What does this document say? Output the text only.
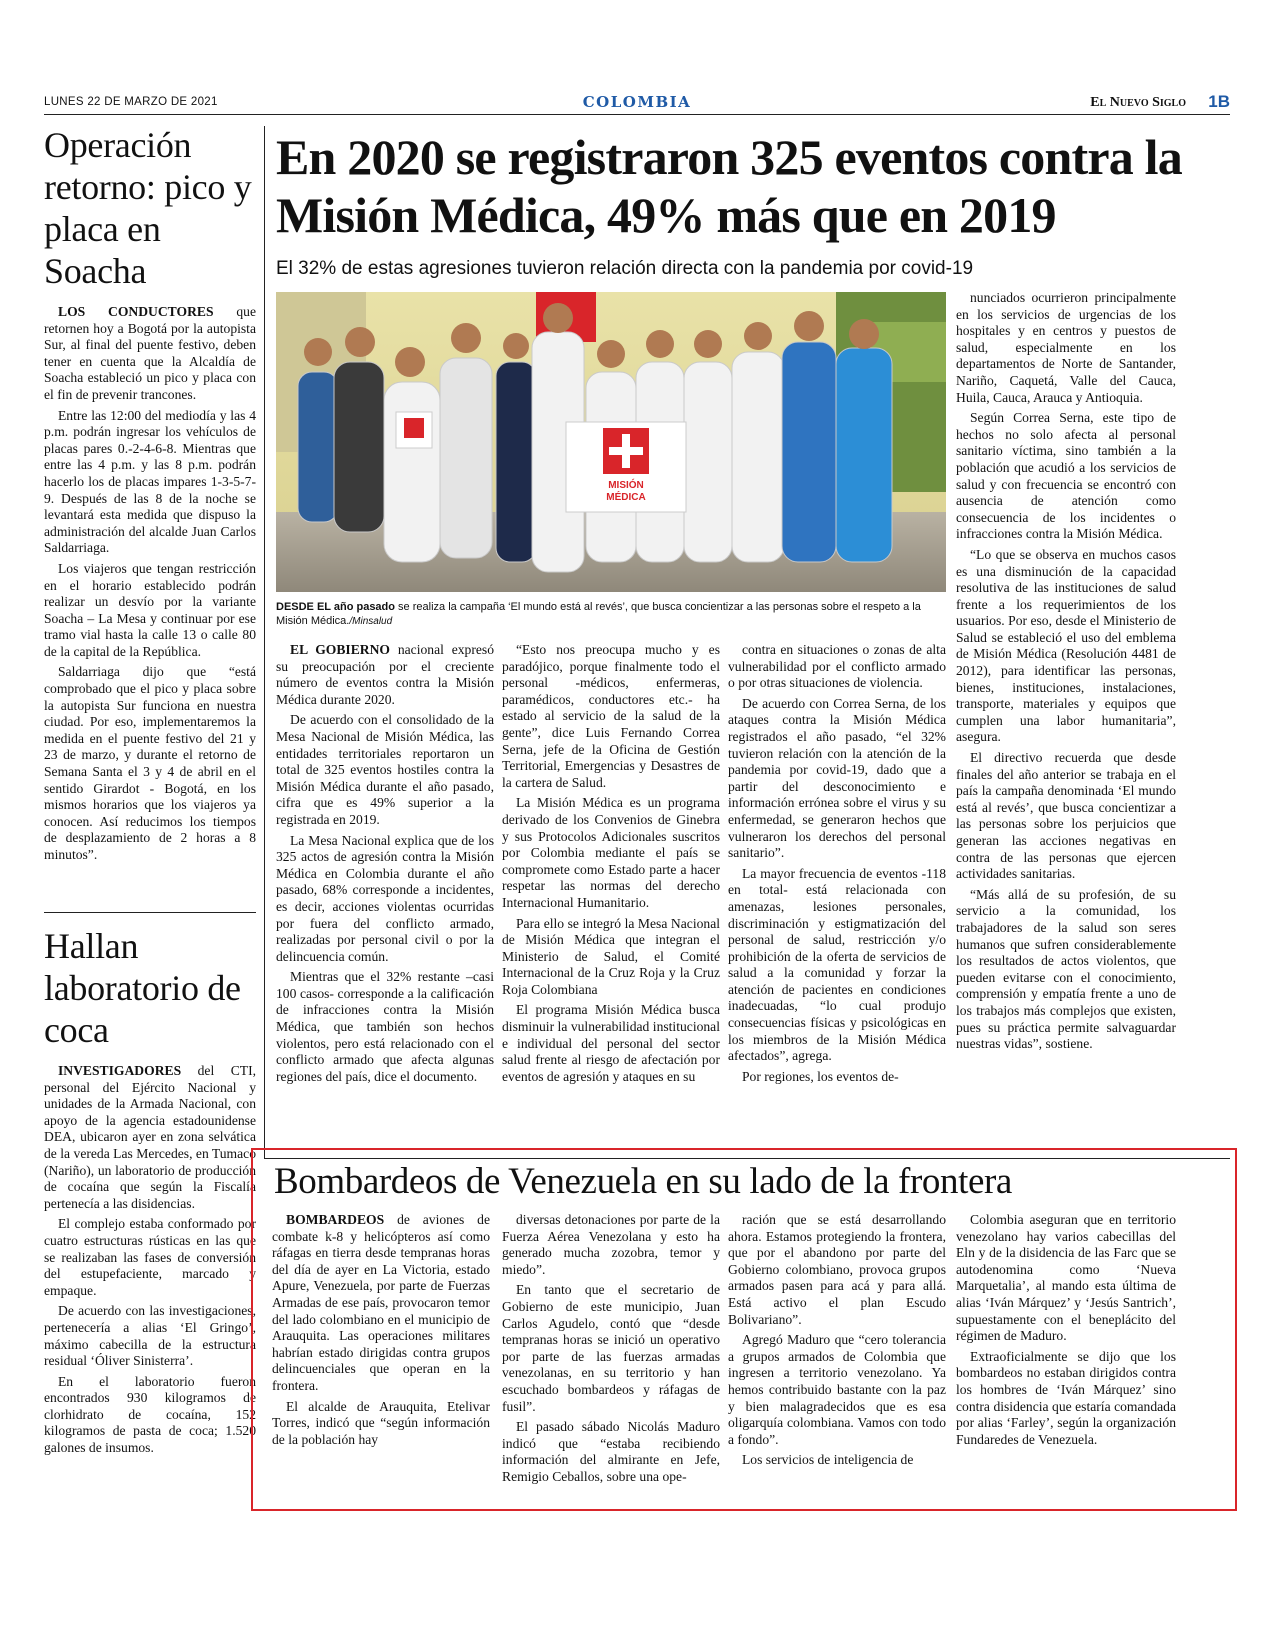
LUNES 22 DE MARZO DE 2021	COLOMBIA	El Nuevo Siglo 1B
Operación retorno: pico y placa en Soacha

LOS CONDUCTORES que retornen hoy a Bogotá por la autopista Sur, al final del puente festivo, deben tener en cuenta que la Alcaldía de Soacha estableció un pico y placa con el fin de prevenir trancones.

Entre las 12:00 del mediodía y las 4 p.m. podrán ingresar los vehículos de placas pares 0.-2-4-6-8. Mientras que entre las 4 p.m. y las 8 p.m. podrán hacerlo los de placas impares 1-3-5-7-9. Después de las 8 de la noche se levantará esta medida que dispuso la administración del alcalde Juan Carlos Saldarriaga.

Los viajeros que tengan restricción en el horario establecido podrán realizar un desvío por la variante Soacha – La Mesa y continuar por ese tramo vial hasta la calle 13 o calle 80 de la capital de la República.

Saldarriaga dijo que “está comprobado que el pico y placa sobre la autopista Sur funciona en nuestra ciudad. Por eso, implementaremos la medida en el puente festivo del 21 y 23 de marzo, y durante el retorno de Semana Santa el 3 y 4 de abril en el sentido Girardot - Bogotá, en los mismos horarios que los viajeros ya conocen. Así reducimos los tiempos de desplazamiento de 2 horas a 8 minutos”.

Hallan laboratorio de coca

INVESTIGADORES del CTI, personal del Ejército Nacional y unidades de la Armada Nacional, con apoyo de la agencia estadounidense DEA, ubicaron ayer en zona selvática de la vereda Las Mercedes, en Tumaco (Nariño), un laboratorio de producción de cocaína que según la Fiscalía pertenecía a las disidencias.

El complejo estaba conformado por cuatro estructuras rústicas en las que se realizaban las fases de conversión del estupefaciente, marcado y empaque.

De acuerdo con las investigaciones, pertenecería a alias ‘El Gringo’, máximo cabecilla de la estructura residual ‘Óliver Sinisterra’.

En el laboratorio fueron encontrados 930 kilogramos de clorhidrato de cocaína, 152 kilogramos de pasta de coca; 1.520 galones de insumos.

En 2020 se registraron 325 eventos contra la Misión Médica, 49% más que en 2019
El 32% de estas agresiones tuvieron relación directa con la pandemia por covid-19
MISIÓN
MÉDICA
DESDE EL año pasado se realiza la campaña ‘El mundo está al revés’, que busca concientizar a las personas sobre el respeto a la Misión Médica./Minsalud

EL GOBIERNO nacional expresó su preocupación por el creciente número de eventos contra la Misión Médica durante 2020.

De acuerdo con el consolidado de la Mesa Nacional de Misión Médica, las entidades territoriales reportaron un total de 325 eventos hostiles contra la Misión Médica durante el año pasado, cifra que es 49% superior a la registrada en 2019.

La Mesa Nacional explica que de los 325 actos de agresión contra la Misión Médica en Colombia durante el año pasado, 68% corresponde a incidentes, es decir, acciones violentas ocurridas por fuera del conflicto armado, realizadas por personal civil o por la delincuencia común.

Mientras que el 32% restante –casi 100 casos- corresponde a la calificación de infracciones contra la Misión Médica, que también son hechos violentos, pero está relacionado con el conflicto armado que afecta algunas regiones del país, dice el documento.

“Esto nos preocupa mucho y es paradójico, porque finalmente todo el personal -médicos, enfermeras, paramédicos, conductores etc.- ha estado al servicio de la salud de la gente”, dice Luis Fernando Correa Serna, jefe de la Oficina de Gestión Territorial, Emergencias y Desastres de la cartera de Salud.

La Misión Médica es un programa derivado de los Convenios de Ginebra y sus Protocolos Adicionales suscritos por Colombia mediante el país se compromete como Estado parte a hacer respetar las normas del derecho Internacional Humanitario.

Para ello se integró la Mesa Nacional de Misión Médica que integran el Ministerio de Salud, el Comité Internacional de la Cruz Roja y la Cruz Roja Colombiana

El programa Misión Médica busca disminuir la vulnerabilidad institucional e individual del personal del sector salud frente al riesgo de afectación por eventos de agresión y ataques en su

contra en situaciones o zonas de alta vulnerabilidad por el conflicto armado o por otras situaciones de violencia.

De acuerdo con Correa Serna, de los ataques contra la Misión Médica registrados el año pasado, “el 32% tuvieron relación con la atención de la pandemia por covid-19, dado que a partir del desconocimiento e información errónea sobre el virus y su enfermedad, se generaron hechos que vulneraron los derechos del personal sanitario”.

La mayor frecuencia de eventos -118 en total- está relacionada con amenazas, lesiones personales, discriminación y estigmatización del personal de salud, restricción y/o prohibición de la oferta de servicios de salud a la comunidad y forzar la atención de pacientes en condiciones inadecuadas, “lo cual produjo consecuencias físicas y psicológicas en los miembros de la Misión Médica afectados”, agrega.

Por regiones, los eventos de-

nunciados ocurrieron principalmente en los servicios de urgencias de los hospitales y en centros y puestos de salud, especialmente en los departamentos de Norte de Santander, Nariño, Caquetá, Valle del Cauca, Huila, Cauca, Arauca y Antioquia.

Según Correa Serna, este tipo de hechos no solo afecta al personal sanitario víctima, sino también a la población que acudió a los servicios de salud y con frecuencia se encontró con ausencia de atención como consecuencia de los incidentes o infracciones contra la Misión Médica.

“Lo que se observa en muchos casos es una disminución de la capacidad resolutiva de las instituciones de salud frente a los requerimientos de los usuarios. Por eso, desde el Ministerio de Salud se estableció el uso del emblema de Misión Médica (Resolución 4481 de 2012), para identificar las personas, bienes, instituciones, instalaciones, transporte, materiales y equipos que cumplen una labor humanitaria”, asegura.

El directivo recuerda que desde finales del año anterior se trabaja en el país la campaña denominada ‘El mundo está al revés’, que busca concientizar a las personas sobre los perjuicios que generan las acciones negativas en contra de las personas que ejercen actividades sanitarias.

“Más allá de su profesión, de su servicio a la comunidad, los trabajadores de la salud son seres humanos que sufren considerablemente los resultados de actos violentos, que pueden evitarse con el conocimiento, comprensión y empatía frente a uno de los trabajos más complejos que existen, pues su práctica permite salvaguardar nuestras vidas”, sostiene.

Bombardeos de Venezuela en su lado de la frontera

BOMBARDEOS de aviones de combate k-8 y helicópteros así como ráfagas en tierra desde tempranas horas del día de ayer en La Victoria, estado Apure, Venezuela, por parte de Fuerzas Armadas de ese país, provocaron temor del lado colombiano en el municipio de Arauquita. Las operaciones militares habrían estado dirigidas contra grupos delincuenciales que operan en la frontera.

El alcalde de Arauquita, Etelivar Torres, indicó que “según información de la población hay

diversas detonaciones por parte de la Fuerza Aérea Venezolana y esto ha generado mucha zozobra, temor y miedo”.

En tanto que el secretario de Gobierno de este municipio, Juan Carlos Agudelo, contó que “desde tempranas horas se inició un operativo por parte de las fuerzas armadas venezolanas, en su territorio y han escuchado bombardeos y ráfagas de fusil”.

El pasado sábado Nicolás Maduro indicó que “estaba recibiendo información del almirante en Jefe, Remigio Ceballos, sobre una ope-

ración que se está desarrollando ahora. Estamos protegiendo la frontera, que por el abandono por parte del Gobierno colombiano, provoca grupos armados pasen para acá y para allá. Está activo el plan Escudo Bolivariano”.

Agregó Maduro que “cero tolerancia a grupos armados de Colombia que ingresen a territorio venezolano. Ya hemos contribuido bastante con la paz y bien malagradecidos que es esa oligarquía colombiana. Vamos con todo a fondo”.

Los servicios de inteligencia de

Colombia aseguran que en territorio venezolano hay varios cabecillas del Eln y de la disidencia de las Farc que se autodenomina como ‘Nueva Marquetalia’, al mando esta última de alias ‘Iván Márquez’ y ‘Jesús Santrich’, supuestamente con el beneplácito del régimen de Maduro.

Extraoficialmente se dijo que los bombardeos no estaban dirigidos contra los hombres de ‘Iván Márquez’ sino contra disidencia que estaría comandada por alias ‘Farley’, según la organización Fundaredes de Venezuela.
